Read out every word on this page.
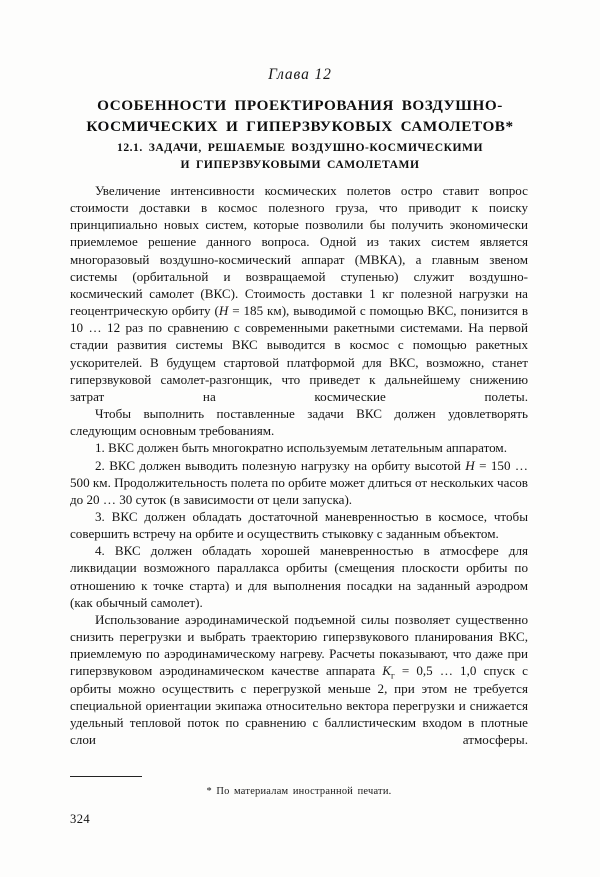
Глава 12
ОСОБЕННОСТИ ПРОЕКТИРОВАНИЯ ВОЗДУШНО-
КОСМИЧЕСКИХ И ГИПЕРЗВУКОВЫХ САМОЛЕТОВ*
12.1. ЗАДАЧИ, РЕШАЕМЫЕ ВОЗДУШНО-КОСМИЧЕСКИМИ
И ГИПЕРЗВУКОВЫМИ САМОЛЕТАМИ

Увеличение интенсивности космических полетов остро ставит вопрос стоимости доставки в космос полезного груза, что приводит к поиску принципиально новых систем, которые позволили бы получить экономически приемлемое решение данного вопроса. Одной из таких систем является многоразовый воздушно-космический аппарат (МВКА), а главным звеном системы (орбитальной и возвращаемой ступенью) служит воздушно-космический самолет (ВКС). Стоимость доставки 1 кг полезной нагрузки на геоцентрическую орбиту (H = 185 км), выводимой с помощью ВКС, понизится в 10 … 12 раз по сравнению с современными ракетными системами. На первой стадии развития системы ВКС выводится в космос с помощью ракетных ускорителей. В будущем стартовой платформой для ВКС, возможно, станет гиперзвуковой самолет-разгонщик, что приведет к дальнейшему снижению затрат на космические полеты.

Чтобы выполнить поставленные задачи ВКС должен удовлетворять следующим основным требованиям.

1. ВКС должен быть многократно используемым летательным аппаратом.

2. ВКС должен выводить полезную нагрузку на орбиту высотой H = 150 … 500 км. Продолжительность полета по орбите может длиться от нескольких часов до 20 … 30 суток (в зависимости от цели запуска).

3. ВКС должен обладать достаточной маневренностью в космосе, чтобы совершить встречу на орбите и осуществить стыковку с заданным объектом.

4. ВКС должен обладать хорошей маневренностью в атмосфере для ликвидации возможного параллакса орбиты (смещения плоскости орбиты по отношению к точке старта) и для выполнения посадки на заданный аэродром (как обычный самолет).

Использование аэродинамической подъемной силы позволяет существенно снизить перегрузки и выбрать траекторию гиперзвукового планирования ВКС, приемлемую по аэродинамическому нагреву. Расчеты показывают, что даже при гиперзвуковом аэродинамическом качестве аппарата $K_г = 0,5$ … 1,0 спуск с орбиты можно осуществить с перегрузкой меньше 2, при этом не требуется специальной ориентации экипажа относительно вектора перегрузки и снижается удельный тепловой поток по сравнению с баллистическим входом в плотные слои атмосферы.

* По материалам иностранной печати.
324
